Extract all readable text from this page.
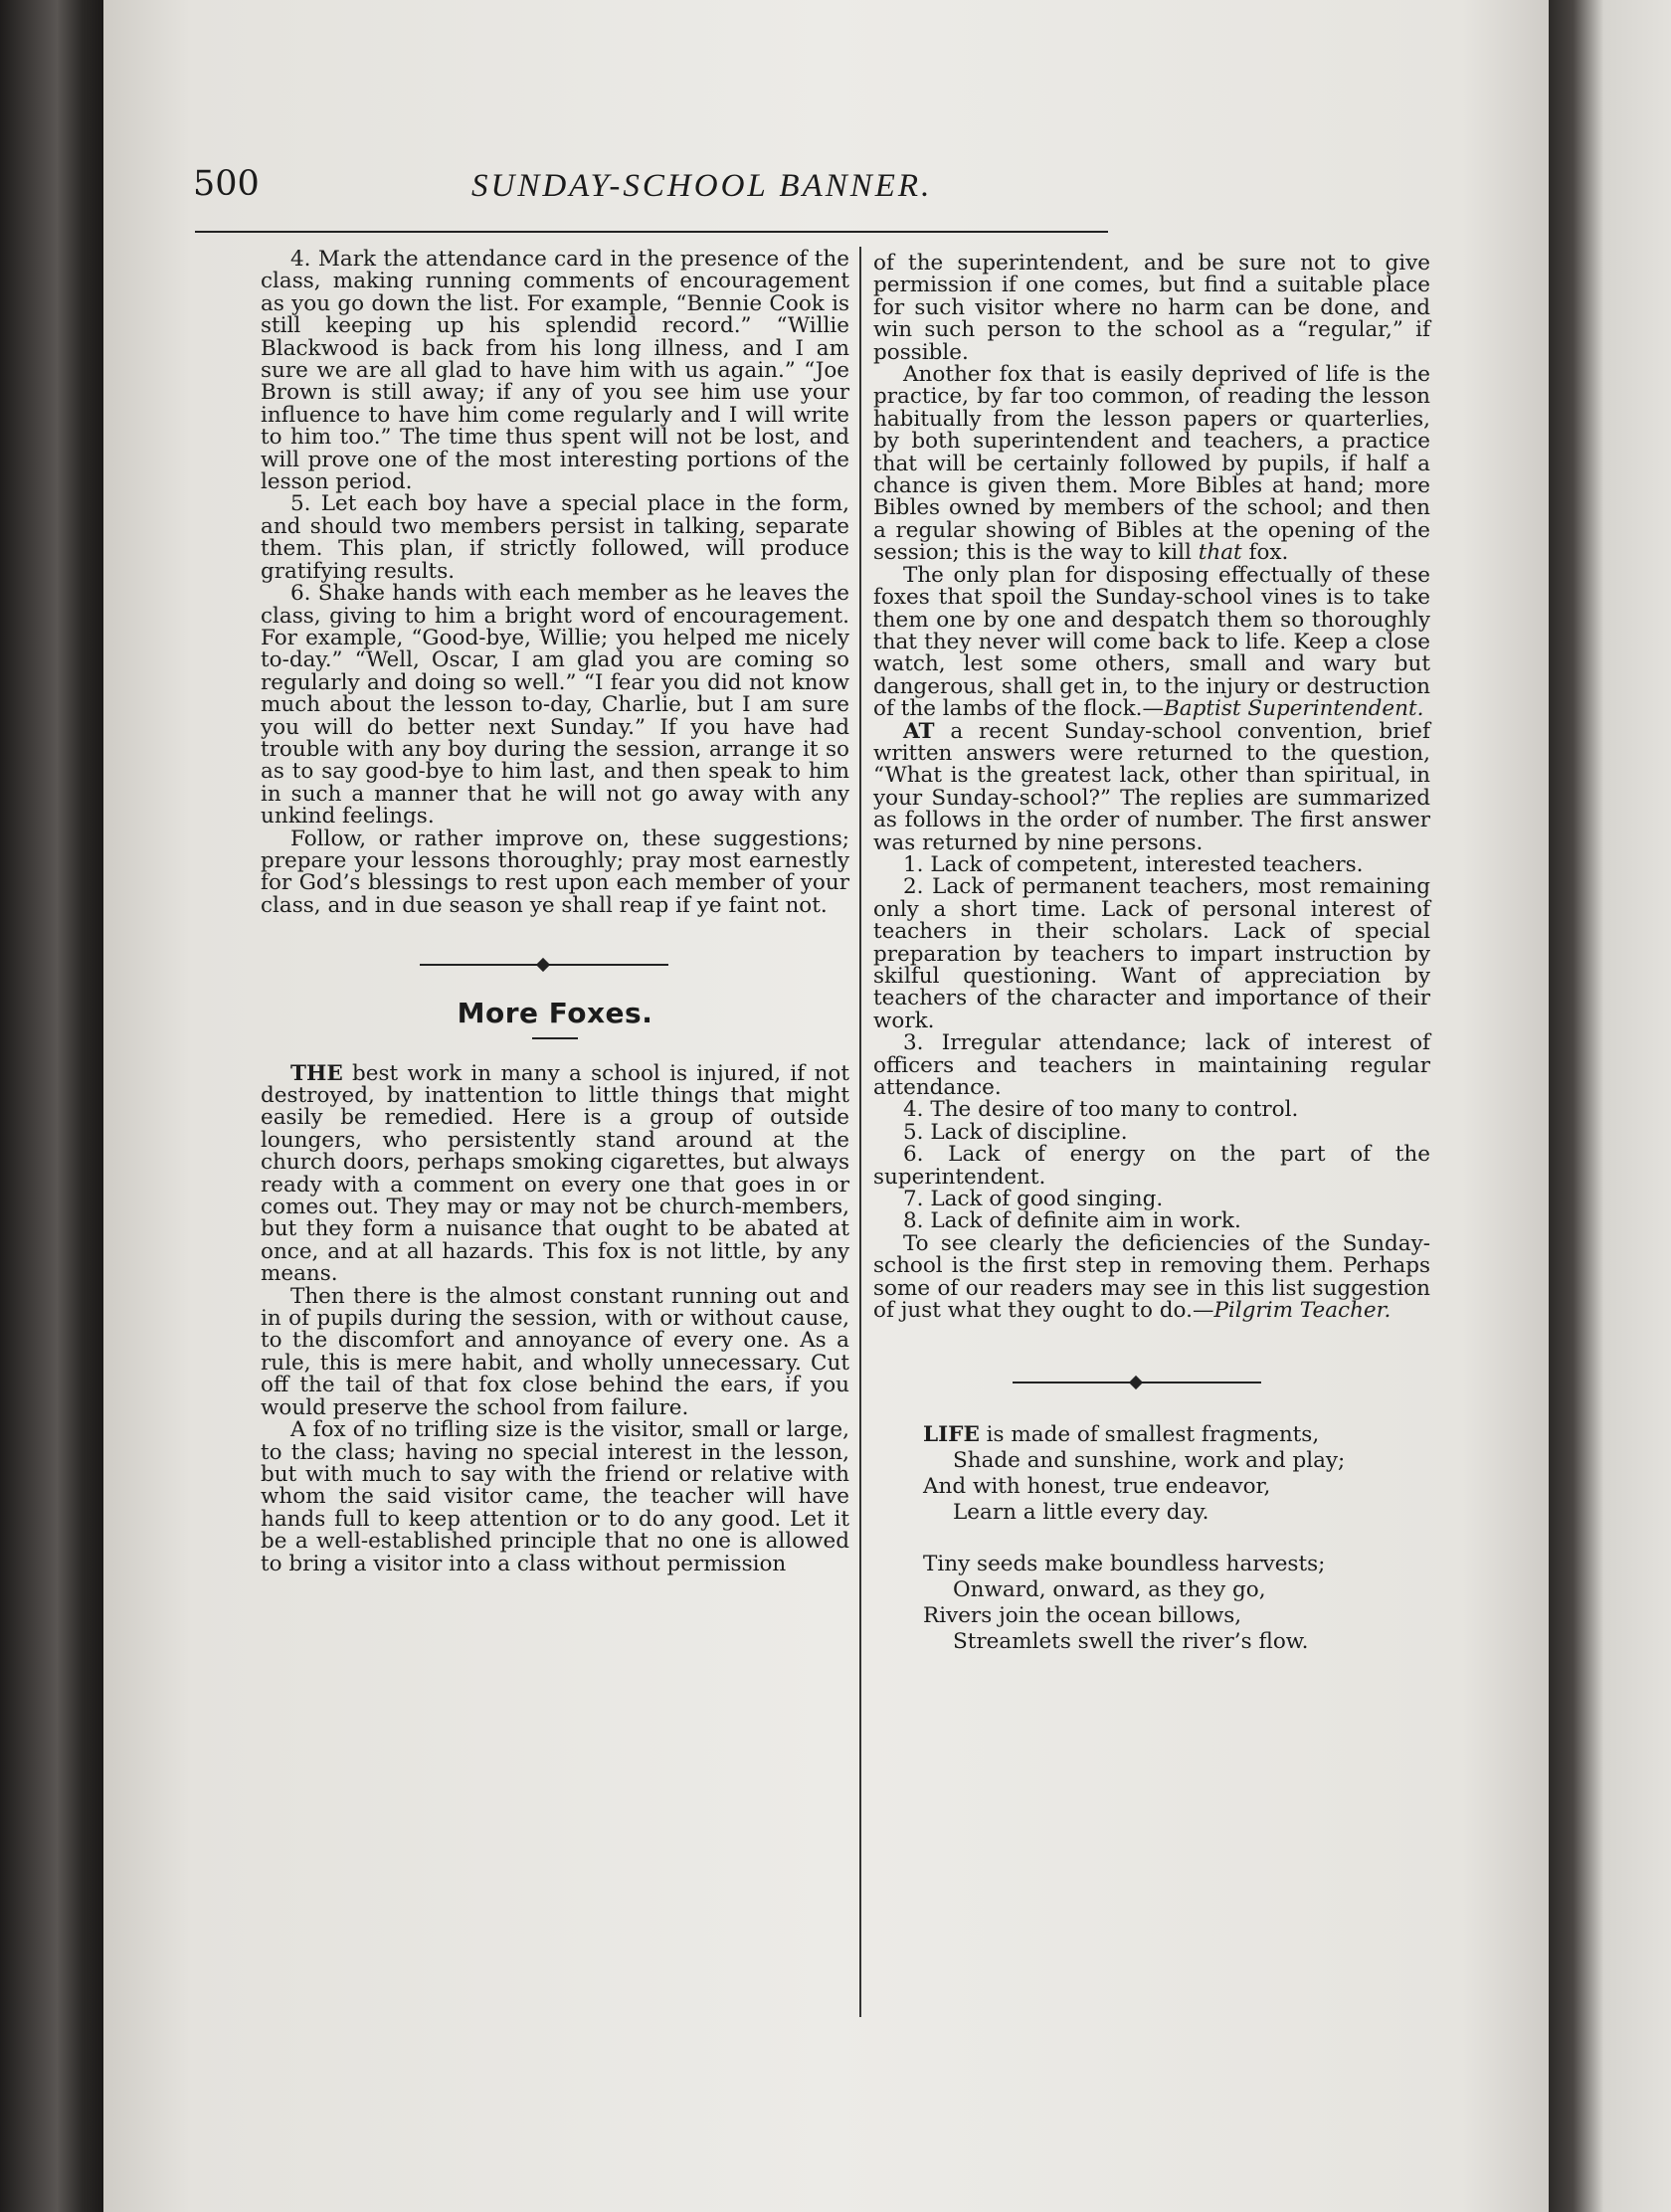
500	SUNDAY-SCHOOL BANNER.

4. Mark the attendance card in the presence of the class, making running comments of encouragement as you go down the list. For example, “Bennie Cook is still keeping up his splendid record.” “Willie Blackwood is back from his long illness, and I am sure we are all glad to have him with us again.” “Joe Brown is still away; if any of you see him use your influence to have him come regularly and I will write to him too.” The time thus spent will not be lost, and will prove one of the most interesting portions of the lesson period.

5. Let each boy have a special place in the form, and should two members persist in talking, separate them. This plan, if strictly followed, will produce gratifying results.

6. Shake hands with each member as he leaves the class, giving to him a bright word of encouragement. For example, “Good-bye, Willie; you helped me nicely to-day.” “Well, Oscar, I am glad you are coming so regularly and doing so well.” “I fear you did not know much about the lesson to-day, Charlie, but I am sure you will do better next Sunday.” If you have had trouble with any boy during the session, arrange it so as to say good-bye to him last, and then speak to him in such a manner that he will not go away with any unkind feelings.

Follow, or rather improve on, these suggestions; prepare your lessons thoroughly; pray most earnestly for God’s blessings to rest upon each member of your class, and in due season ye shall reap if ye faint not.

More Foxes.

THE best work in many a school is injured, if not destroyed, by inattention to little things that might easily be remedied. Here is a group of outside loungers, who persistently stand around at the church doors, perhaps smoking cigarettes, but always ready with a comment on every one that goes in or comes out. They may or may not be church-members, but they form a nuisance that ought to be abated at once, and at all hazards. This fox is not little, by any means.

Then there is the almost constant running out and in of pupils during the session, with or without cause, to the discomfort and annoyance of every one. As a rule, this is mere habit, and wholly unnecessary. Cut off the tail of that fox close behind the ears, if you would preserve the school from failure.

A fox of no trifling size is the visitor, small or large, to the class; having no special interest in the lesson, but with much to say with the friend or relative with whom the said visitor came, the teacher will have hands full to keep attention or to do any good. Let it be a well-established principle that no one is allowed to bring a visitor into a class without permission

of the superintendent, and be sure not to give permission if one comes, but find a suitable place for such visitor where no harm can be done, and win such person to the school as a “regular,” if possible.

Another fox that is easily deprived of life is the practice, by far too common, of reading the lesson habitually from the lesson papers or quarterlies, by both superintendent and teachers, a practice that will be certainly followed by pupils, if half a chance is given them. More Bibles at hand; more Bibles owned by members of the school; and then a regular showing of Bibles at the opening of the session; this is the way to kill that fox.

The only plan for disposing effectually of these foxes that spoil the Sunday-school vines is to take them one by one and despatch them so thoroughly that they never will come back to life. Keep a close watch, lest some others, small and wary but dangerous, shall get in, to the injury or destruction of the lambs of the flock.—Baptist Superintendent.

AT a recent Sunday-school convention, brief written answers were returned to the question, “What is the greatest lack, other than spiritual, in your Sunday-school?” The replies are summarized as follows in the order of number. The first answer was returned by nine persons.

1. Lack of competent, interested teachers.

2. Lack of permanent teachers, most remaining only a short time. Lack of personal interest of teachers in their scholars. Lack of special preparation by teachers to impart instruction by skilful questioning. Want of appreciation by teachers of the character and importance of their work.

3. Irregular attendance; lack of interest of officers and teachers in maintaining regular attendance.

4. The desire of too many to control.

5. Lack of discipline.

6. Lack of energy on the part of the superintendent.

7. Lack of good singing.

8. Lack of definite aim in work.

To see clearly the deficiencies of the Sunday-school is the first step in removing them. Perhaps some of our readers may see in this list suggestion of just what they ought to do.—Pilgrim Teacher.

LIFE is made of smallest fragments,
Shade and sunshine, work and play;
And with honest, true endeavor,
Learn a little every day.
Tiny seeds make boundless harvests;
Onward, onward, as they go,
Rivers join the ocean billows,
Streamlets swell the river’s flow.
